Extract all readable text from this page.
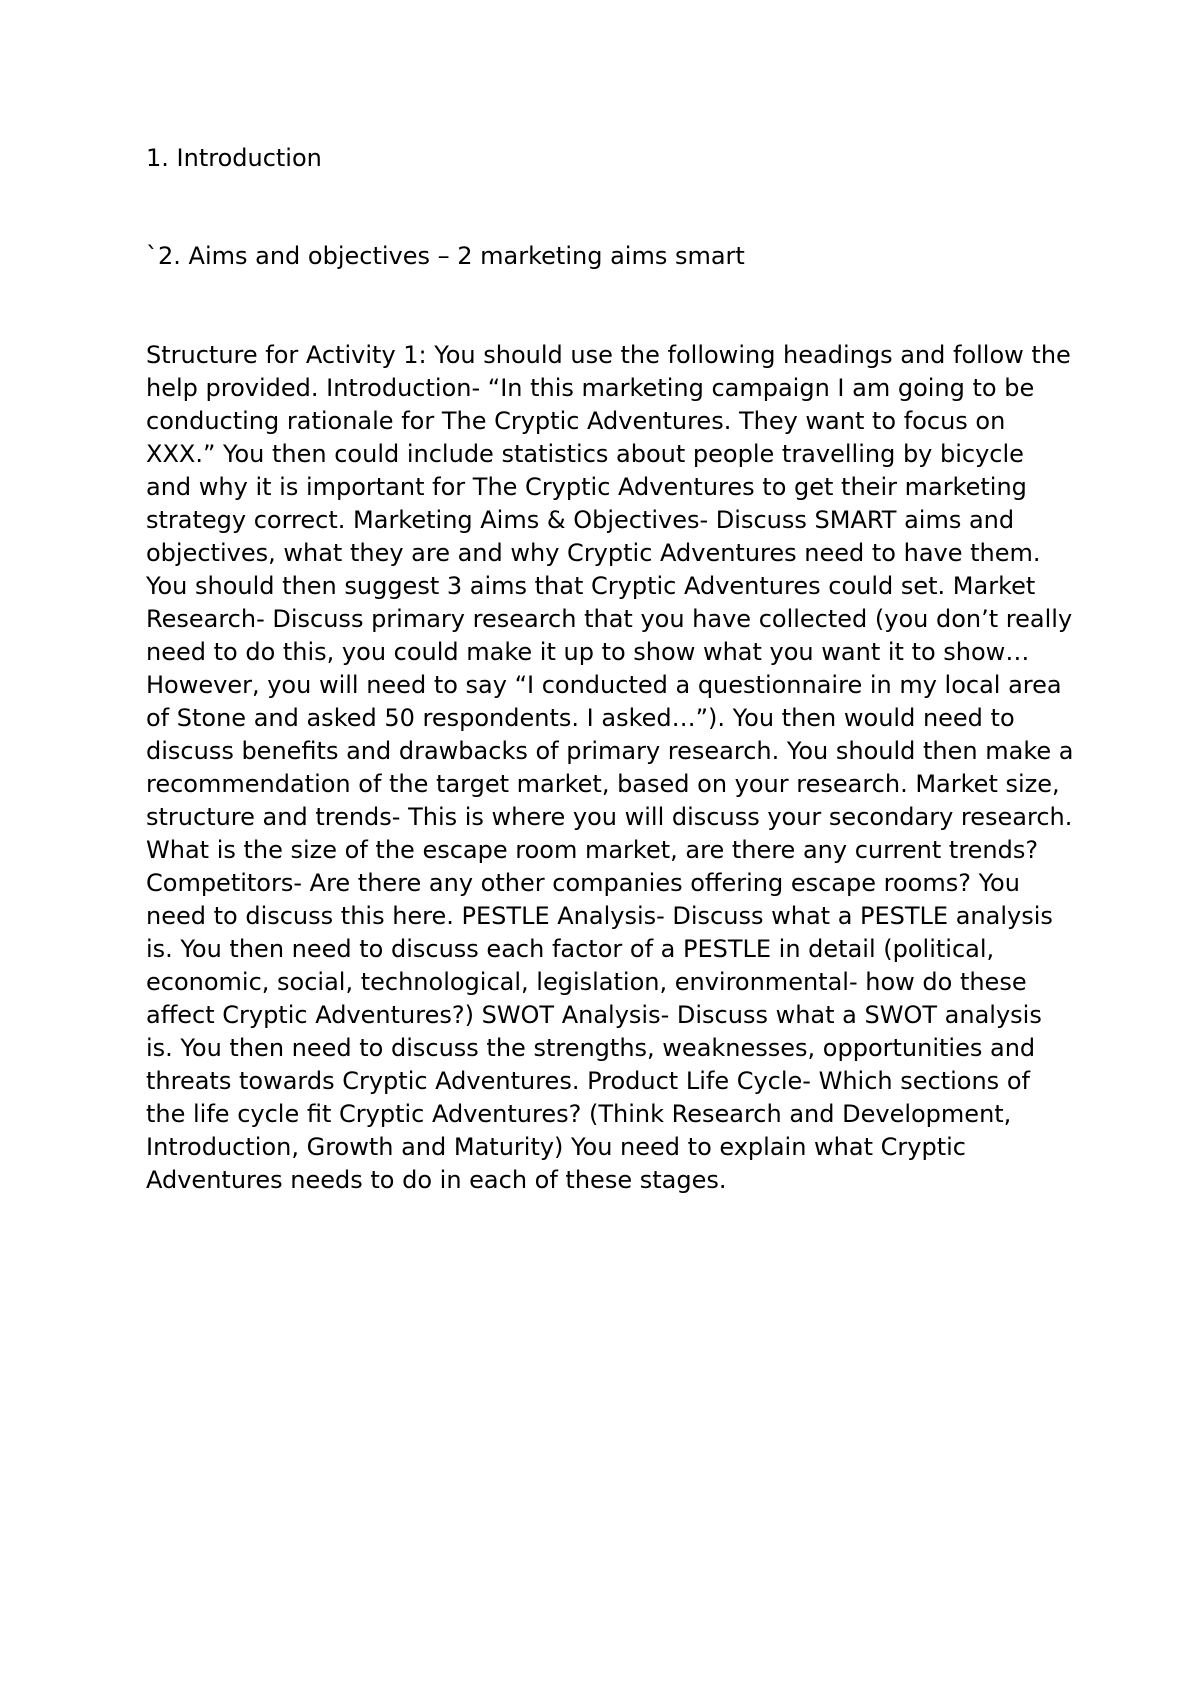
1. Introduction

`2. Aims and objectives – 2 marketing aims smart

Structure for Activity 1: You should use the following headings and follow the help provided. Introduction- “In this marketing campaign I am going to be conducting rationale for The Cryptic Adventures. They want to focus on XXX.” You then could include statistics about people travelling by bicycle and why it is important for The Cryptic Adventures to get their marketing strategy correct. Marketing Aims & Objectives- Discuss SMART aims and objectives, what they are and why Cryptic Adventures need to have them. You should then suggest 3 aims that Cryptic Adventures could set. Market Research- Discuss primary research that you have collected (you don’t really need to do this, you could make it up to show what you want it to show… However, you will need to say “I conducted a questionnaire in my local area of Stone and asked 50 respondents. I asked…”). You then would need to discuss benefits and drawbacks of primary research. You should then make a recommendation of the target market, based on your research. Market size, structure and trends- This is where you will discuss your secondary research. What is the size of the escape room market, are there any current trends? Competitors- Are there any other companies offering escape rooms? You need to discuss this here. PESTLE Analysis- Discuss what a PESTLE analysis is. You then need to discuss each factor of a PESTLE in detail (political, economic, social, technological, legislation, environmental- how do these affect Cryptic Adventures?) SWOT Analysis- Discuss what a SWOT analysis is. You then need to discuss the strengths, weaknesses, opportunities and threats towards Cryptic Adventures. Product Life Cycle- Which sections of the life cycle fit Cryptic Adventures? (Think Research and Development, Introduction, Growth and Maturity) You need to explain what Cryptic Adventures needs to do in each of these stages.
